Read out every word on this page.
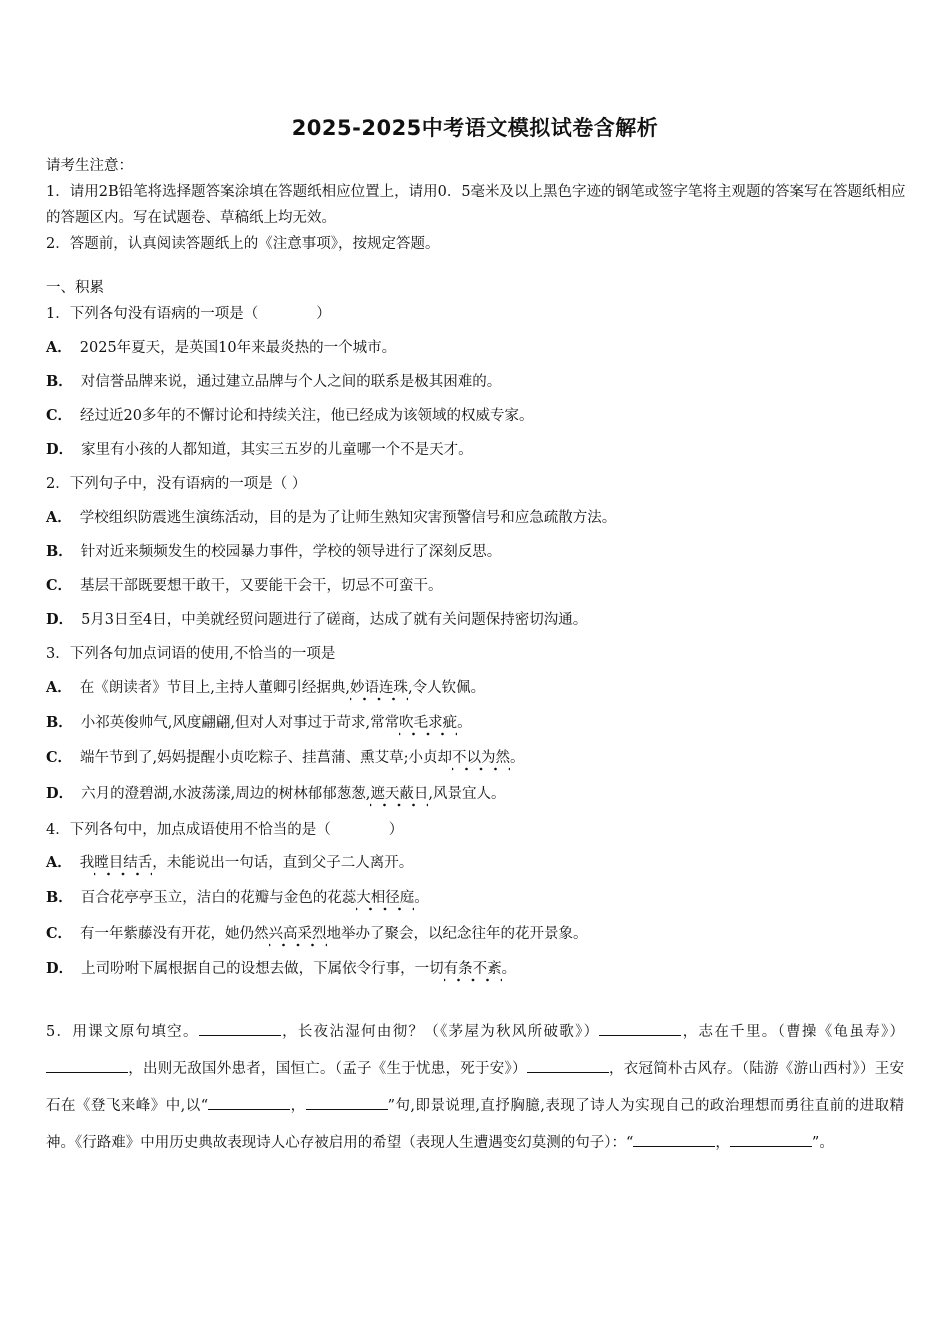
2025-2025中考语文模拟试卷含解析

请考生注意：

1．请用2B铅笔将选择题答案涂填在答题纸相应位置上，请用0．5毫米及以上黑色字迹的钢笔或签字笔将主观题的答案写在答题纸相应的答题区内。写在试题卷、草稿纸上均无效。

2．答题前，认真阅读答题纸上的《注意事项》，按规定答题。

一、积累
1．下列各句没有语病的一项是（　　　　）
A． 2025年夏天，是英国10年来最炎热的一个城市。
B． 对信誉品牌来说，通过建立品牌与个人之间的联系是极其困难的。
C． 经过近20多年的不懈讨论和持续关注，他已经成为该领域的权威专家。
D． 家里有小孩的人都知道，其实三五岁的儿童哪一个不是天才。
2．下列句子中，没有语病的一项是（ ）
A． 学校组织防震逃生演练活动，目的是为了让师生熟知灾害预警信号和应急疏散方法。
B． 针对近来频频发生的校园暴力事件，学校的领导进行了深刻反思。
C． 基层干部既要想干敢干，又要能干会干，切忌不可蛮干。
D． 5月3日至4日，中美就经贸问题进行了磋商，达成了就有关问题保持密切沟通。
3．下列各句加点词语的使用,不恰当的一项是
A． 在《朗读者》节目上,主持人董卿引经据典,妙语连珠,令人钦佩。
B． 小祁英俊帅气,风度翩翩,但对人对事过于苛求,常常吹毛求疵。
C． 端午节到了,妈妈提醒小贞吃粽子、挂菖蒲、熏艾草;小贞却不以为然。
D． 六月的澄碧湖,水波荡漾,周边的树林郁郁葱葱,遮天蔽日,风景宜人。
4．下列各句中，加点成语使用不恰当的是（　　　　）
A． 我瞠目结舌，未能说出一句话，直到父子二人离开。
B． 百合花亭亭玉立，洁白的花瓣与金色的花蕊大相径庭。
C． 有一年紫藤没有开花，她仍然兴高采烈地举办了聚会，以纪念往年的花开景象。
D． 上司吩咐下属根据自己的设想去做，下属依令行事，一切有条不紊。
5．用课文原句填空。	，长夜沾湿何由彻？（《茅屋为秋风所破歌》）	，志在千里。（曹操《龟虽寿》），出则无敌国外患者，国恒亡。（孟子《生于忧患，死于安》）	，衣冠简朴古风存。（陆游《游山西村》）王安石在《登飞来峰》中,以“	，	”句,即景说理,直抒胸臆,表现了诗人为实现自己的政治理想而勇往直前的进取精神。《行路难》中用历史典故表现诗人心存被启用的希望（表现人生遭遇变幻莫测的句子）：“	，	”。
